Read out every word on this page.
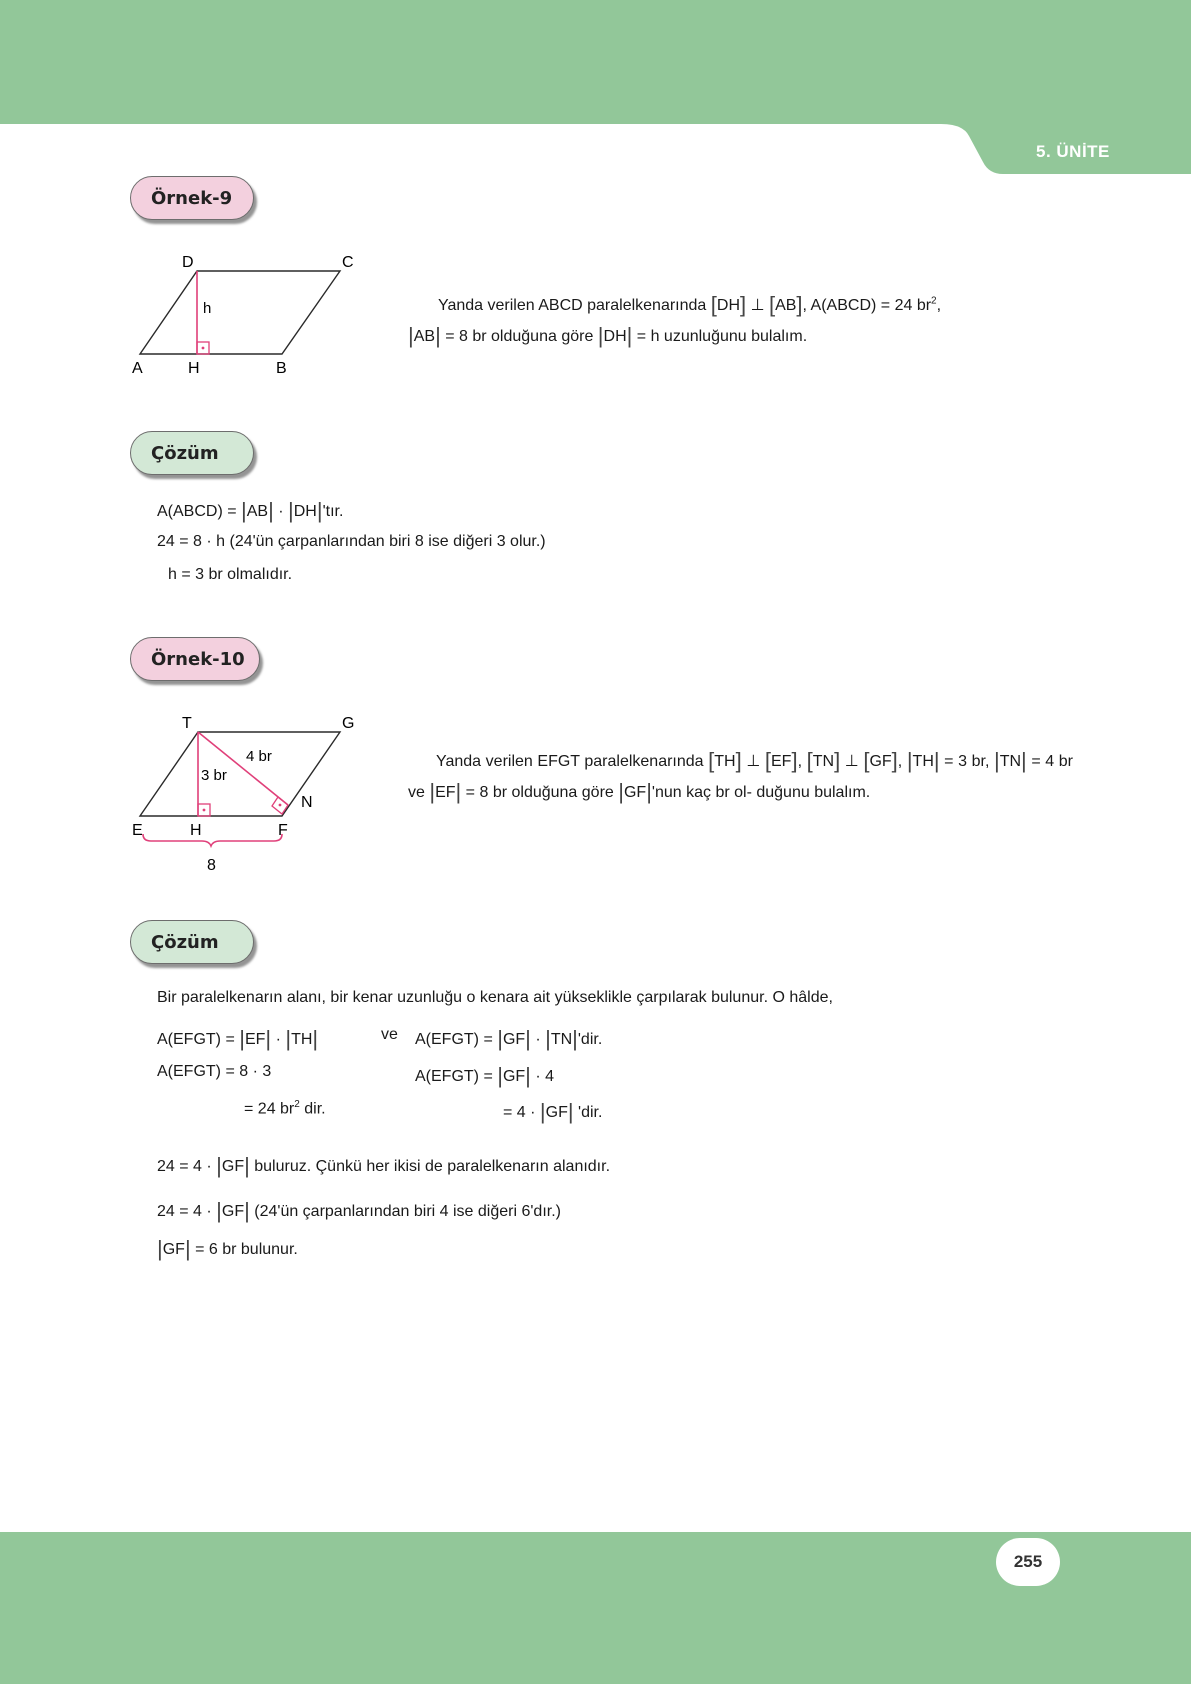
5. ÜNİTE
Örnek-9
D	C
A	H	B
h	Yanda verilen ABCD paralelkenarında [DH] ⊥ [AB], A(ABCD) = 24 $br^2$,
|AB| = 8 br olduğuna göre |DH| = h uzunluğunu bulalım.
Çözüm
A(ABCD) = |AB| · |DH|'tır.
24 = 8 · h (24'ün çarpanlarından biri 8 ise diğeri 3 olur.)
h = 3 br olmalıdır.
Örnek-10
T	G
E	H	F
N
3 br
4 br
8
Yanda verilen EFGT paralelkenarında [TH] ⊥ [EF], [TN] ⊥ [GF], |TH| = 3 br, |TN| = 4 br ve |EF| = 8 br olduğuna göre |GF|'nun kaç br ol- duğunu bulalım.
Çözüm
Bir paralelkenarın alanı, bir kenar uzunluğu o kenara ait yükseklikle çarpılarak bulunur. O hâlde,
A(EFGT) = |EF| · |TH|	ve A(EFGT) = |GF| · |TN|'dir.
A(EFGT) = 8 · 3	A(EFGT) = |GF| · 4
= 24 $br^2$ dir.	= 4 · |GF| 'dir.
24 = 4 · |GF| buluruz. Çünkü her ikisi de paralelkenarın alanıdır.
24 = 4 · |GF| (24'ün çarpanlarından biri 4 ise diğeri 6'dır.)
|GF| = 6 br bulunur.
255
